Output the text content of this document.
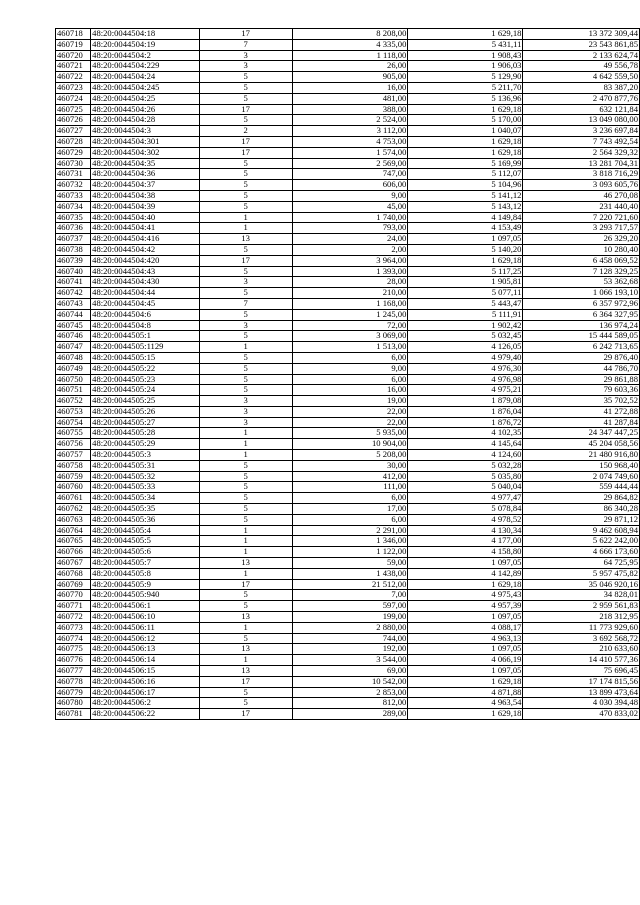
460718	48:20:0044504:18	17	8 208,00	1 629,18	13 372 309,44
460719	48:20:0044504:19	7	4 335,00	5 431,11	23 543 861,85
460720	48:20:0044504:2	3	1 118,00	1 908,43	2 133 624,74
460721	48:20:0044504:229	3	26,00	1 906,03	49 556,78
460722	48:20:0044504:24	5	905,00	5 129,90	4 642 559,50
460723	48:20:0044504:245	5	16,00	5 211,70	83 387,20
460724	48:20:0044504:25	5	481,00	5 136,96	2 470 877,76
460725	48:20:0044504:26	17	388,00	1 629,18	632 121,84
460726	48:20:0044504:28	5	2 524,00	5 170,00	13 049 080,00
460727	48:20:0044504:3	2	3 112,00	1 040,07	3 236 697,84
460728	48:20:0044504:301	17	4 753,00	1 629,18	7 743 492,54
460729	48:20:0044504:302	17	1 574,00	1 629,18	2 564 329,32
460730	48:20:0044504:35	5	2 569,00	5 169,99	13 281 704,31
460731	48:20:0044504:36	5	747,00	5 112,07	3 818 716,29
460732	48:20:0044504:37	5	606,00	5 104,96	3 093 605,76
460733	48:20:0044504:38	5	9,00	5 141,12	46 270,08
460734	48:20:0044504:39	5	45,00	5 143,12	231 440,40
460735	48:20:0044504:40	1	1 740,00	4 149,84	7 220 721,60
460736	48:20:0044504:41	1	793,00	4 153,49	3 293 717,57
460737	48:20:0044504:416	13	24,00	1 097,05	26 329,20
460738	48:20:0044504:42	5	2,00	5 140,20	10 280,40
460739	48:20:0044504:420	17	3 964,00	1 629,18	6 458 069,52
460740	48:20:0044504:43	5	1 393,00	5 117,25	7 128 329,25
460741	48:20:0044504:430	3	28,00	1 905,81	53 362,68
460742	48:20:0044504:44	5	210,00	5 077,11	1 066 193,10
460743	48:20:0044504:45	7	1 168,00	5 443,47	6 357 972,96
460744	48:20:0044504:6	5	1 245,00	5 111,91	6 364 327,95
460745	48:20:0044504:8	3	72,00	1 902,42	136 974,24
460746	48:20:0044505:1	5	3 069,00	5 032,45	15 444 589,05
460747	48:20:0044505:1129	1	1 513,00	4 126,05	6 242 713,65
460748	48:20:0044505:15	5	6,00	4 979,40	29 876,40
460749	48:20:0044505:22	5	9,00	4 976,30	44 786,70
460750	48:20:0044505:23	5	6,00	4 976,98	29 861,88
460751	48:20:0044505:24	5	16,00	4 975,21	79 603,36
460752	48:20:0044505:25	3	19,00	1 879,08	35 702,52
460753	48:20:0044505:26	3	22,00	1 876,04	41 272,88
460754	48:20:0044505:27	3	22,00	1 876,72	41 287,84
460755	48:20:0044505:28	1	5 935,00	4 102,35	24 347 447,25
460756	48:20:0044505:29	1	10 904,00	4 145,64	45 204 058,56
460757	48:20:0044505:3	1	5 208,00	4 124,60	21 480 916,80
460758	48:20:0044505:31	5	30,00	5 032,28	150 968,40
460759	48:20:0044505:32	5	412,00	5 035,80	2 074 749,60
460760	48:20:0044505:33	5	111,00	5 040,04	559 444,44
460761	48:20:0044505:34	5	6,00	4 977,47	29 864,82
460762	48:20:0044505:35	5	17,00	5 078,84	86 340,28
460763	48:20:0044505:36	5	6,00	4 978,52	29 871,12
460764	48:20:0044505:4	1	2 291,00	4 130,34	9 462 608,94
460765	48:20:0044505:5	1	1 346,00	4 177,00	5 622 242,00
460766	48:20:0044505:6	1	1 122,00	4 158,80	4 666 173,60
460767	48:20:0044505:7	13	59,00	1 097,05	64 725,95
460768	48:20:0044505:8	1	1 438,00	4 142,89	5 957 475,82
460769	48:20:0044505:9	17	21 512,00	1 629,18	35 046 920,16
460770	48:20:0044505:940	5	7,00	4 975,43	34 828,01
460771	48:20:0044506:1	5	597,00	4 957,39	2 959 561,83
460772	48:20:0044506:10	13	199,00	1 097,05	218 312,95
460773	48:20:0044506:11	1	2 880,00	4 088,17	11 773 929,60
460774	48:20:0044506:12	5	744,00	4 963,13	3 692 568,72
460775	48:20:0044506:13	13	192,00	1 097,05	210 633,60
460776	48:20:0044506:14	1	3 544,00	4 066,19	14 410 577,36
460777	48:20:0044506:15	13	69,00	1 097,05	75 696,45
460778	48:20:0044506:16	17	10 542,00	1 629,18	17 174 815,56
460779	48:20:0044506:17	5	2 853,00	4 871,88	13 899 473,64
460780	48:20:0044506:2	5	812,00	4 963,54	4 030 394,48
460781	48:20:0044506:22	17	289,00	1 629,18	470 833,02
